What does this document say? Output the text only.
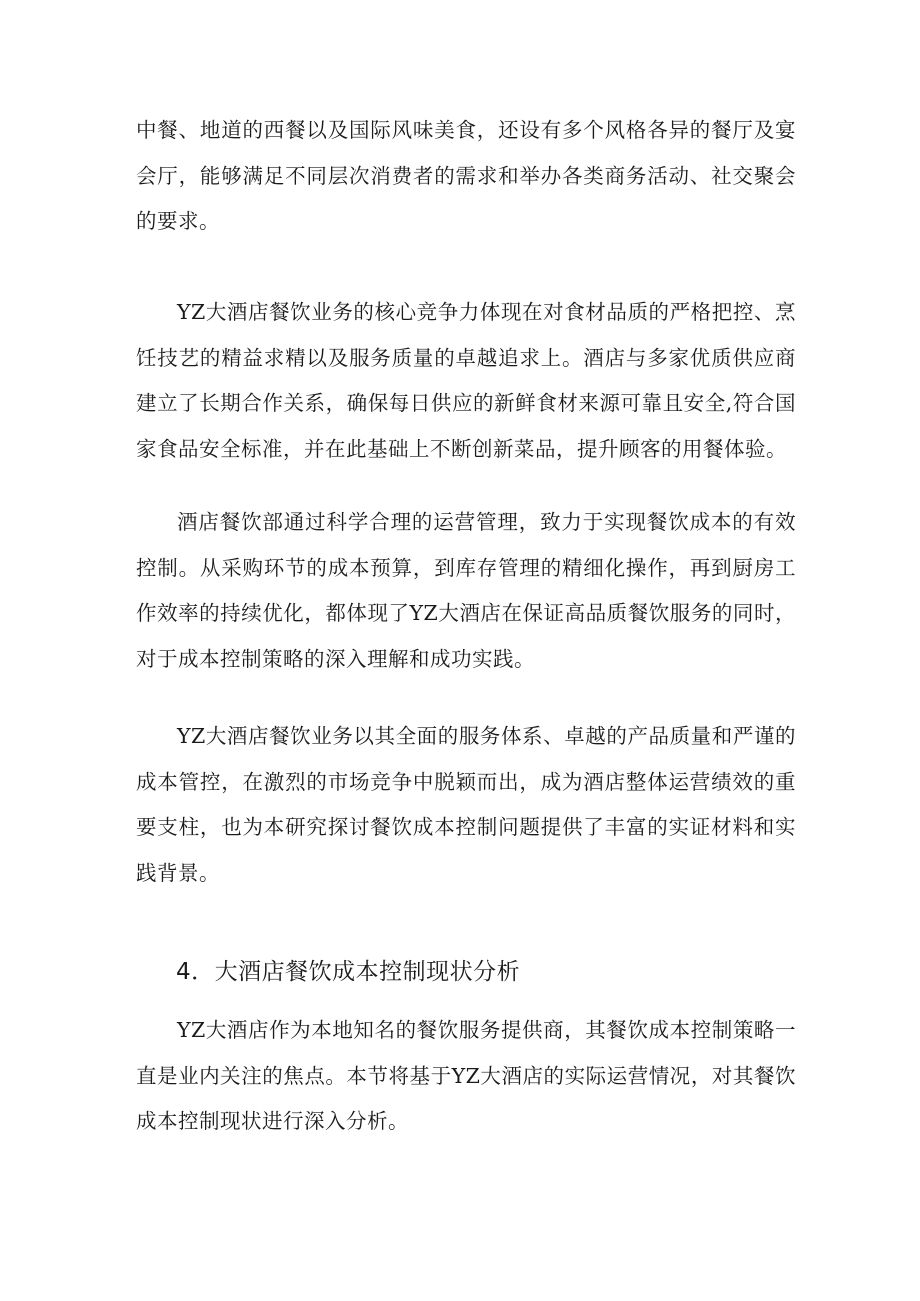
中餐、地道的西餐以及国际风味美食，还设有多个风格各异的餐厅及宴会厅，能够满足不同层次消费者的需求和举办各类商务活动、社交聚会的要求。

YZ大酒店餐饮业务的核心竞争力体现在对食材品质的严格把控、烹饪技艺的精益求精以及服务质量的卓越追求上。酒店与多家优质供应商建立了长期合作关系，确保每日供应的新鲜食材来源可靠且安全,符合国家食品安全标准，并在此基础上不断创新菜品，提升顾客的用餐体验。

酒店餐饮部通过科学合理的运营管理，致力于实现餐饮成本的有效控制。从采购环节的成本预算，到库存管理的精细化操作，再到厨房工作效率的持续优化，都体现了YZ大酒店在保证高品质餐饮服务的同时，对于成本控制策略的深入理解和成功实践。

YZ大酒店餐饮业务以其全面的服务体系、卓越的产品质量和严谨的成本管控，在激烈的市场竞争中脱颖而出，成为酒店整体运营绩效的重要支柱，也为本研究探讨餐饮成本控制问题提供了丰富的实证材料和实践背景。

4．大酒店餐饮成本控制现状分析

YZ大酒店作为本地知名的餐饮服务提供商，其餐饮成本控制策略一直是业内关注的焦点。本节将基于YZ大酒店的实际运营情况，对其餐饮成本控制现状进行深入分析。
